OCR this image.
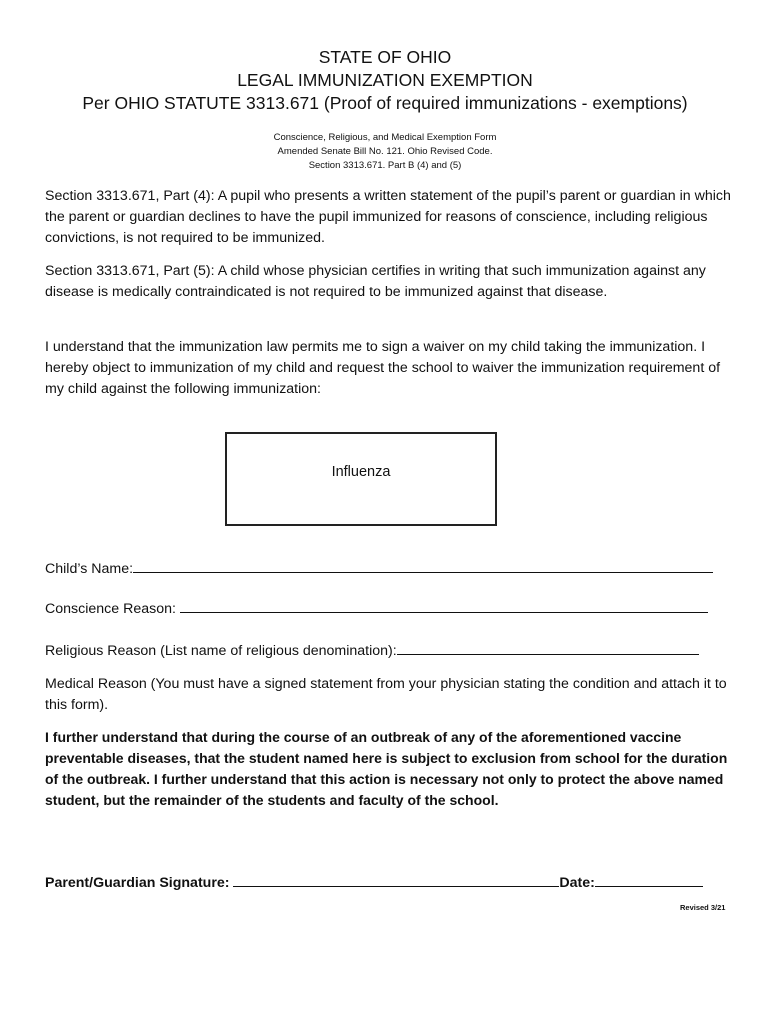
STATE OF OHIO
LEGAL IMMUNIZATION EXEMPTION
Per OHIO STATUTE 3313.671 (Proof of required immunizations - exemptions)
Conscience, Religious, and Medical Exemption Form
Amended Senate Bill No. 121. Ohio Revised Code.
Section 3313.671. Part B (4) and (5)
Section 3313.671, Part (4): A pupil who presents a written statement of the pupil’s parent or guardian in which the parent or guardian declines to have the pupil immunized for reasons of conscience, including religious convictions, is not required to be immunized.
Section 3313.671, Part (5): A child whose physician certifies in writing that such immunization against any disease is medically contraindicated is not required to be immunized against that disease.
I understand that the immunization law permits me to sign a waiver on my child taking the immunization. I hereby object to immunization of my child and request the school to waiver the immunization requirement of my child against the following immunization:
Influenza
Child’s Name:
Conscience Reason:
Religious Reason (List name of religious denomination):
Medical Reason (You must have a signed statement from your physician stating the condition and attach it to this form).
I further understand that during the course of an outbreak of any of the aforementioned vaccine preventable diseases, that the student named here is subject to exclusion from school for the duration of the outbreak. I further understand that this action is necessary not only to protect the above named student, but the remainder of the students and faculty of the school.
Parent/Guardian Signature:	Date:
Revised 3/21
